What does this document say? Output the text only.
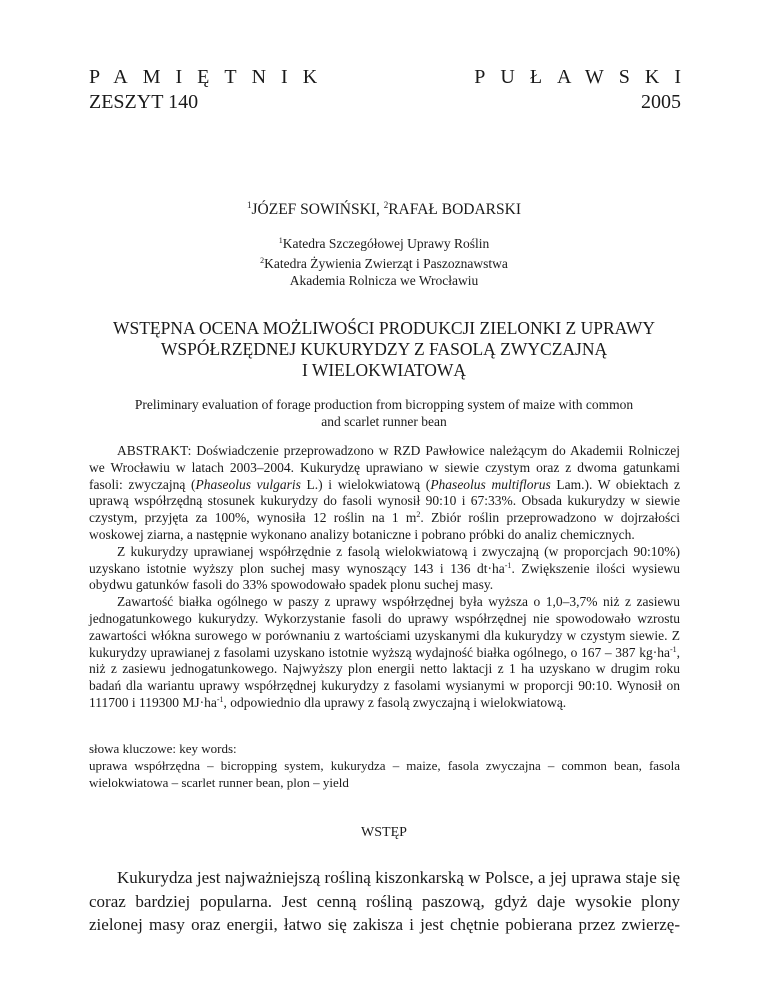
PAMIĘTNIK	PUŁAWSKI
ZESZYT 140	2005
$^1$JÓZEF SOWIŃSKI, $^2$RAFAŁ BODARSKI
$^1$Katedra Szczegółowej Uprawy Roślin
$^2$Katedra Żywienia Zwierząt i Paszoznawstwa
Akademia Rolnicza we Wrocławiu
WSTĘPNA OCENA MOŻLIWOŚCI PRODUKCJI ZIELONKI Z UPRAWY
WSPÓŁRZĘDNEJ KUKURYDZY Z FASOLĄ ZWYCZAJNĄ
I WIELOKWIATOWĄ
Preliminary evaluation of forage production from bicropping system of maize with common
and scarlet runner bean

ABSTRAKT: Doświadczenie przeprowadzono w RZD Pawłowice należącym do Akademii Rolniczej we Wrocławiu w latach 2003–2004. Kukurydzę uprawiano w siewie czystym oraz z dwoma gatunkami fasoli: zwyczajną (Phaseolus vulgaris L.) i wielokwiatową (Phaseolus multiflorus Lam.). W obiektach z uprawą współrzędną stosunek kukurydzy do fasoli wynosił 90:10 i 67:33%. Obsada kukurydzy w siewie czystym, przyjęta za 100%, wynosiła 12 roślin na 1 $m^2$. Zbiór roślin przeprowadzono w dojrzałości woskowej ziarna, a następnie wykonano analizy botaniczne i pobrano próbki do analiz chemicznych.

Z kukurydzy uprawianej współrzędnie z fasolą wielokwiatową i zwyczajną (w proporcjach 90:10%) uzyskano istotnie wyższy plon suchej masy wynoszący 143 i 136 $dt\cdot ha^{-1}$. Zwiększenie ilości wysiewu obydwu gatunków fasoli do 33% spowodowało spadek plonu suchej masy.

Zawartość białka ogólnego w paszy z uprawy współrzędnej była wyższa o 1,0–3,7% niż z zasiewu jednogatunkowego kukurydzy. Wykorzystanie fasoli do uprawy współrzędnej nie spowodowało wzrostu zawartości włókna surowego w porównaniu z wartościami uzyskanymi dla kukurydzy w czystym siewie. Z kukurydzy uprawianej z fasolami uzyskano istotnie wyższą wydajność białka ogólnego, o 167 – 387 $kg\cdot ha^{-1}$, niż z zasiewu jednogatunkowego. Najwyższy plon energii netto laktacji z 1 ha uzyskano w drugim roku badań dla wariantu uprawy współrzędnej kukurydzy z fasolami wysianymi w proporcji 90:10. Wynosił on 111700 i 119300 $MJ\cdot ha^{-1}$, odpowiednio dla uprawy z fasolą zwyczajną i wielokwiatową.

słowa kluczowe: key words:

uprawa współrzędna – bicropping system, kukurydza – maize, fasola zwyczajna – common bean, fasola wielokwiatowa – scarlet runner bean, plon – yield

WSTĘP

Kukurydza jest najważniejszą rośliną kiszonkarską w Polsce, a jej uprawa staje się coraz bardziej popularna. Jest cenną rośliną paszową, gdyż daje wysokie plony zielonej masy oraz energii, łatwo się zakisza i jest chętnie pobierana przez zwierzę-
